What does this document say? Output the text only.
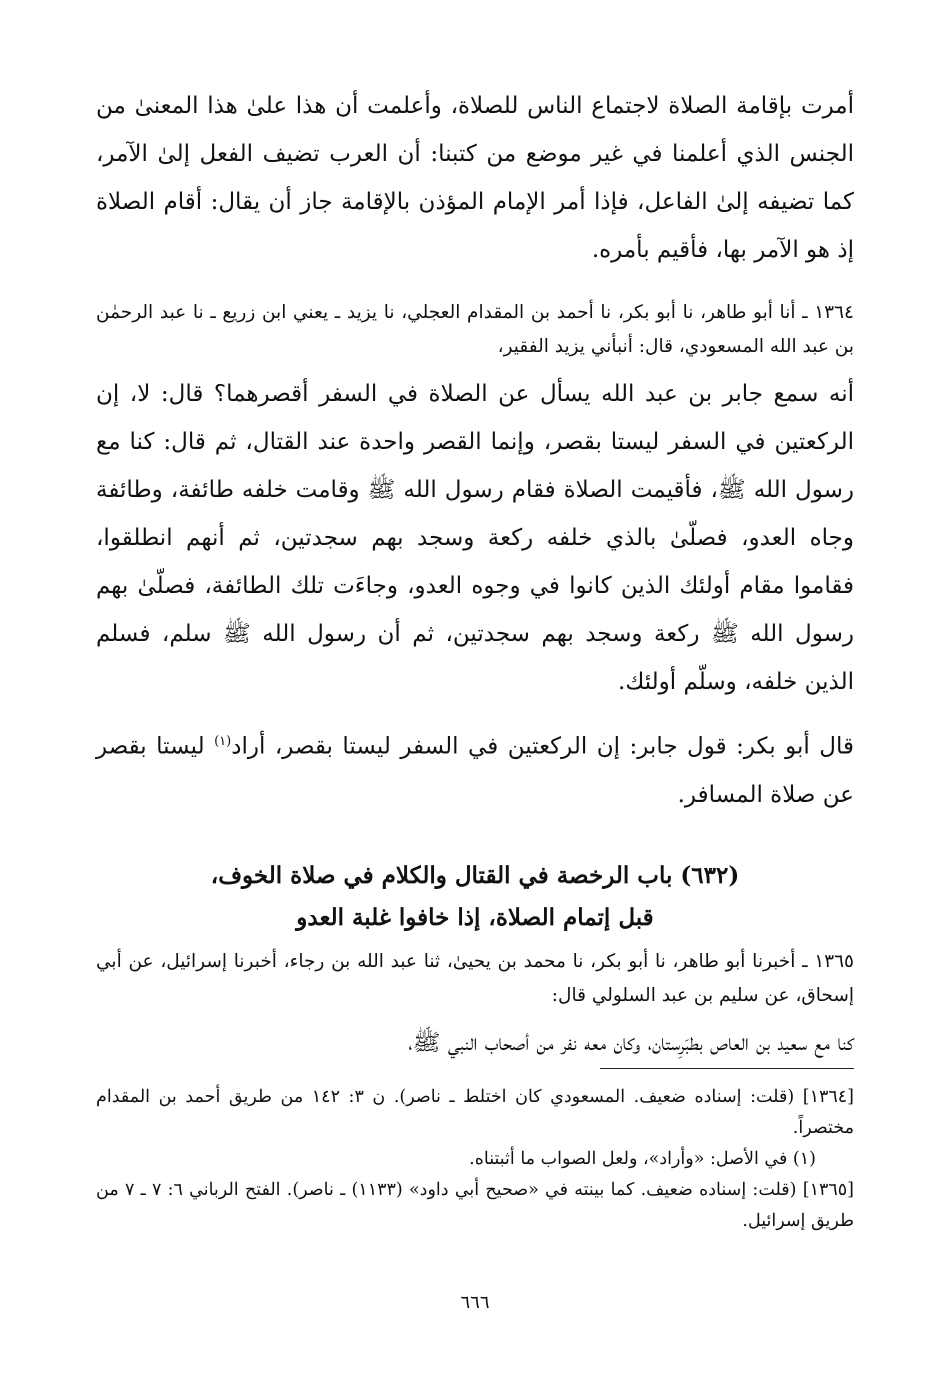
أمرت بإقامة الصلاة لاجتماع الناس للصلاة، وأعلمت أن هذا علىٰ هذا المعنىٰ من الجنس الذي أعلمنا في غير موضع من كتبنا: أن العرب تضيف الفعل إلىٰ الآمر، كما تضيفه إلىٰ الفاعل، فإذا أمر الإمام المؤذن بالإقامة جاز أن يقال: أقام الصلاة إذ هو الآمر بها، فأقيم بأمره.

١٣٦٤ ـ أنا أبو طاهر، نا أبو بكر، نا أحمد بن المقدام العجلي، نا يزيد ـ يعني ابن زريع ـ نا عبد الرحمٰن بن عبد الله المسعودي، قال: أنبأني يزيد الفقير،

أنه سمع جابر بن عبد الله يسأل عن الصلاة في السفر أقصرهما؟ قال: لا، إن الركعتين في السفر ليستا بقصر، وإنما القصر واحدة عند القتال، ثم قال: كنا مع رسول الله ﷺ، فأقيمت الصلاة فقام رسول الله ﷺ وقامت خلفه طائفة، وطائفة وجاه العدو، فصلّىٰ بالذي خلفه ركعة وسجد بهم سجدتين، ثم أنهم انطلقوا، فقاموا مقام أولئك الذين كانوا في وجوه العدو، وجاءَت تلك الطائفة، فصلّىٰ بهم رسول الله ﷺ ركعة وسجد بهم سجدتين، ثم أن رسول الله ﷺ سلم، فسلم الذين خلفه، وسلّم أولئك.

قال أبو بكر: قول جابر: إن الركعتين في السفر ليستا بقصر، أراد$^{(١)}$ ليستا بقصر عن صلاة المسافر.

(٦٣٢) باب الرخصة في القتال والكلام في صلاة الخوف،
قبل إتمام الصلاة، إذا خافوا غلبة العدو

١٣٦٥ ـ أخبرنا أبو طاهر، نا أبو بكر، نا محمد بن يحيىٰ، ثنا عبد الله بن رجاء، أخبرنا إسرائيل، عن أبي إسحاق، عن سليم بن عبد السلولي قال:

كنا مع سعيد بن العاص بطبَرِستان، وكان معه نفر من أصحاب النبي ﷺ،

[١٣٦٤] (قلت: إسناده ضعيف. المسعودي كان اختلط ـ ناصر). ن ٣: ١٤٢ من طريق أحمد بن المقدام مختصراً.

(١) في الأصل: «وأراد»، ولعل الصواب ما أثبتناه.

[١٣٦٥] (قلت: إسناده ضعيف. كما بينته في «صحيح أبي داود» (١١٣٣) ـ ناصر). الفتح الرباني ٦: ٧ ـ ٧ من طريق إسرائيل.

٦٦٦
